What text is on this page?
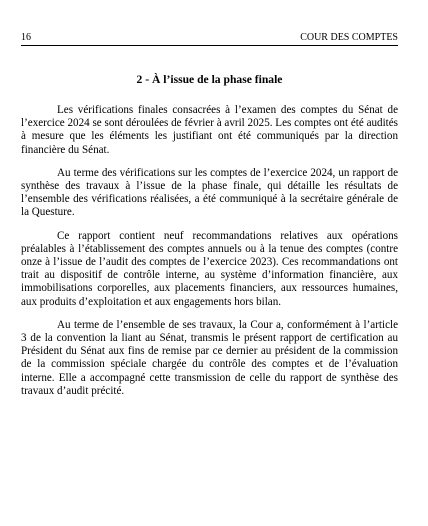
16	COUR DES COMPTES
2 - À l’issue de la phase finale

Les vérifications finales consacrées à l’examen des comptes du Sénat de l’exercice 2024 se sont déroulées de février à avril 2025. Les comptes ont été audités à mesure que les éléments les justifiant ont été communiqués par la direction financière du Sénat.

Au terme des vérifications sur les comptes de l’exercice 2024, un rapport de synthèse des travaux à l’issue de la phase finale, qui détaille les résultats de l’ensemble des vérifications réalisées, a été communiqué à la secrétaire générale de la Questure.

Ce rapport contient neuf recommandations relatives aux opérations préalables à l’établissement des comptes annuels ou à la tenue des comptes (contre onze à l’issue de l’audit des comptes de l’exercice 2023). Ces recommandations ont trait au dispositif de contrôle interne, au système d’information financière, aux immobilisations corporelles, aux placements financiers, aux ressources humaines, aux produits d’exploitation et aux engagements hors bilan.

Au terme de l’ensemble de ses travaux, la Cour a, conformément à l’article 3 de la convention la liant au Sénat, transmis le présent rapport de certification au Président du Sénat aux fins de remise par ce dernier au président de la commission de la commission spéciale chargée du contrôle des comptes et de l’évaluation interne. Elle a accompagné cette transmission de celle du rapport de synthèse des travaux d’audit précité.
